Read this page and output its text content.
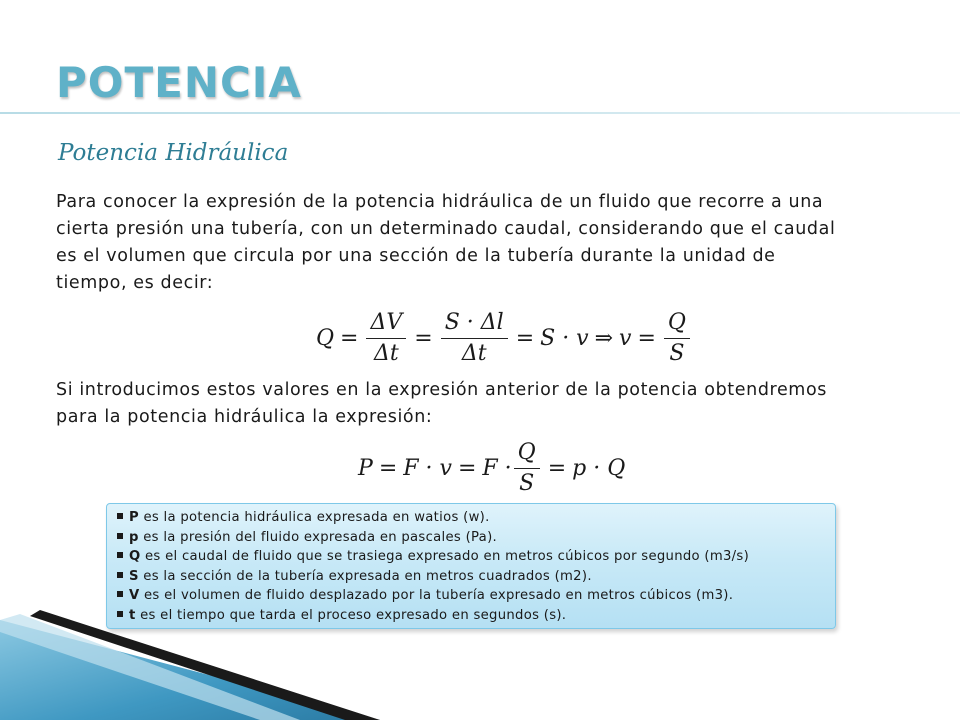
POTENCIA
Potencia Hidráulica

Para conocer la expresión de la potencia hidráulica de un fluido que recorre a una cierta presión una tubería, con un determinado caudal, considerando que el caudal es el volumen que circula por una sección de la tubería durante la unidad de tiempo, es decir:

$Q = \frac{\Delta V}{\Delta t} = \frac{S \cdot \Delta l}{\Delta t} = S \cdot v$ ⇒ $v = \frac{Q}{S}$

Si introducimos estos valores en la expresión anterior de la potencia obtendremos para la potencia hidráulica la expresión:

$P = F \cdot v = F \cdot \frac{Q}{S} = p \cdot Q$
P es la potencia hidráulica expresada en watios (w).
p es la presión del fluido expresada en pascales (Pa).
Q es el caudal de fluido que se trasiega expresado en metros cúbicos por segundo (m3/s)
S es la sección de la tubería expresada en metros cuadrados (m2).
V es el volumen de fluido desplazado por la tubería expresado en metros cúbicos (m3).
t es el tiempo que tarda el proceso expresado en segundos (s).
